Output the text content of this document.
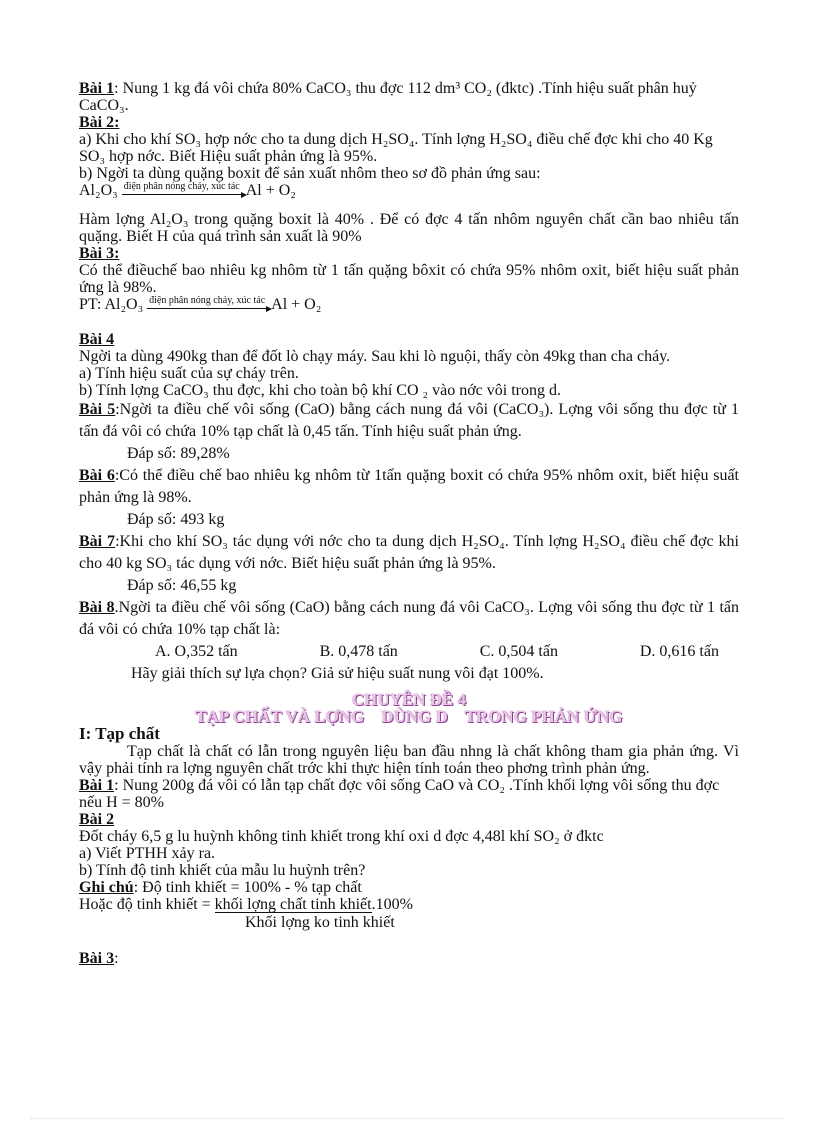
Bài 1: Nung 1 kg đá vôi chứa 80% CaCO₃ thu đợc 112 dm³ CO₂ (đktc) .Tính hiệu suất phân huỷ CaCO₃.

Bài 2:

a) Khi cho khí SO₃ hợp nớc cho ta dung dịch H₂SO₄. Tính lợng H₂SO₄ điều chế đợc khi cho 40 Kg SO₃ hợp nớc. Biết Hiệu suất phản ứng là 95%.

b) Ngời ta dùng quặng boxit để sản xuất nhôm theo sơ đồ phản ứng sau:

Al₂O₃ điện phân nóng chảy, xúc tác Al + O₂

Hàm lợng Al₂O₃ trong quặng boxit là 40% . Để có đợc 4 tấn nhôm nguyên chất cần bao nhiêu tấn quặng. Biết H của quá trình sản xuất là 90%

Bài 3:

Có thể điềuchế bao nhiêu kg nhôm từ 1 tấn quặng bôxit có chứa 95% nhôm oxit, biết hiệu suất phản ứng là 98%.

PT: Al₂O₃ điện phân nóng chảy, xúc tác Al + O₂

Bài 4

Ngời ta dùng 490kg than để đốt lò chạy máy. Sau khi lò nguội, thấy còn 49kg than cha cháy.

a) Tính hiệu suất của sự cháy trên.

b) Tính lợng CaCO₃ thu đợc, khi cho toàn bộ khí CO ₂ vào nớc vôi trong d.

Bài 5:Ngời ta điều chế vôi sống (CaO) bằng cách nung đá vôi (CaCO₃). Lợng vôi sống thu đợc từ 1 tấn đá vôi có chứa 10% tạp chất là 0,45 tấn. Tính hiệu suất phản ứng.

Đáp số: 89,28%

Bài 6:Có thể điều chế bao nhiêu kg nhôm từ 1tấn quặng boxit có chứa 95% nhôm oxit, biết hiệu suất phản ứng là 98%.

Đáp số: 493 kg

Bài 7:Khi cho khí SO₃ tác dụng với nớc cho ta dung dịch H₂SO₄. Tính lợng H₂SO₄ điều chế đợc khi cho 40 kg SO₃ tác dụng với nớc. Biết hiệu suất phản ứng là 95%.

Đáp số: 46,55 kg

Bài 8.Ngời ta điều chế vôi sống (CaO) bằng cách nung đá vôi CaCO₃. Lợng vôi sống thu đợc từ 1 tấn đá vôi có chứa 10% tạp chất là:

A. O,352 tấn	B. 0,478 tấn	C. 0,504 tấn	D. 0,616 tấn

Hãy giải thích sự lựa chọn? Giả sử hiệu suất nung vôi đạt 100%.

CHUYÊN ĐỀ 4

TẠP CHẤT VÀ LỢNG    DÙNG D    TRONG PHẢN ỨNG

I: Tạp chất

Tạp chất là chất có lẫn trong nguyên liệu ban đầu nhng là chất không tham gia phản ứng. Vì vậy phải tính ra lợng nguyên chất trớc khi thực hiện tính toán theo phơng trình phản ứng.

Bài 1: Nung 200g đá vôi có lẫn tạp chất đợc vôi sống CaO và CO₂ .Tính khối lợng vôi sống thu đợc nếu H = 80%

Bài 2

Đốt cháy 6,5 g lu huỳnh không tinh khiết trong khí oxi d đợc 4,48l khí SO₂ ở đktc

a) Viết PTHH xảy ra.

b) Tính độ tinh khiết của mẫu lu huỳnh trên?

Ghi chú: Độ tinh khiết = 100% - % tạp chất

Hoặc độ tinh khiết = khối lợng chất tinh khiết.100%

Khối lợng ko tinh khiết

Bài 3:
